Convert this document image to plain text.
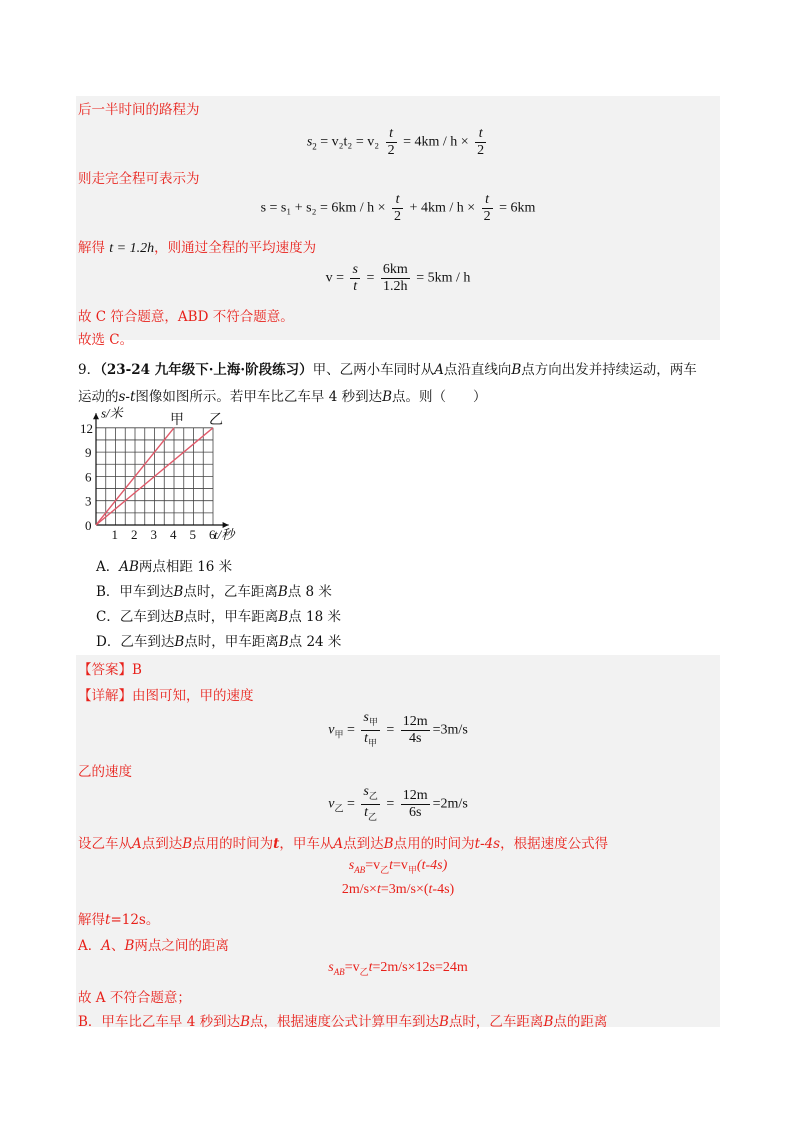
后一半时间的路程为
$s_2 = v_2t_2 = v_2 \frac{t}{2} = 4km / h \times \frac{t}{2}$
则走完全程可表示为
$s = s_1 + s_2 = 6km / h \times \frac{t}{2} + 4km / h \times \frac{t}{2} = 6km$
解得 t = 1.2h，则通过全程的平均速度为
$v = \frac{s}{t} = \frac{6km}{1.2h} = 5km / h$
故 C 符合题意，ABD 不符合题意。
故选 C。
9．（23-24 九年级下·上海·阶段练习）甲、乙两小车同时从A点沿直线向B点方向出发并持续运动，两车
运动的s-t图像如图所示。若甲车比乙车早 4 秒到达B点。则（　　）
甲 乙
1 2 3 4 5 6
0
3
6
9
12
s/米
t/秒
A．AB两点相距 16 米
B．甲车到达B点时，乙车距离B点 8 米
C．乙车到达B点时，甲车距离B点 18 米
D．乙车到达B点时，甲车距离B点 24 米
【答案】B
【详解】由图可知，甲的速度
$v_甲 = \frac{s_甲}{t_甲} = \frac{12m}{4s} =3m/s$
乙的速度
$v_乙 = \frac{s_乙}{t_乙} = \frac{12m}{6s} =2m/s$
设乙车从A点到达B点用的时间为t，甲车从A点到达B点用的时间为t-4s，根据速度公式得
$s_{AB}=v_乙t=v_甲(t-4s)$
2m/s×t=3m/s×(t-4s)
解得t=12s。
A．A、B两点之间的距离
$s_{AB}=v_乙t=2m/s\times 12s=24m$
故 A 不符合题意；
B．甲车比乙车早 4 秒到达B点，根据速度公式计算甲车到达B点时，乙车距离B点的距离
